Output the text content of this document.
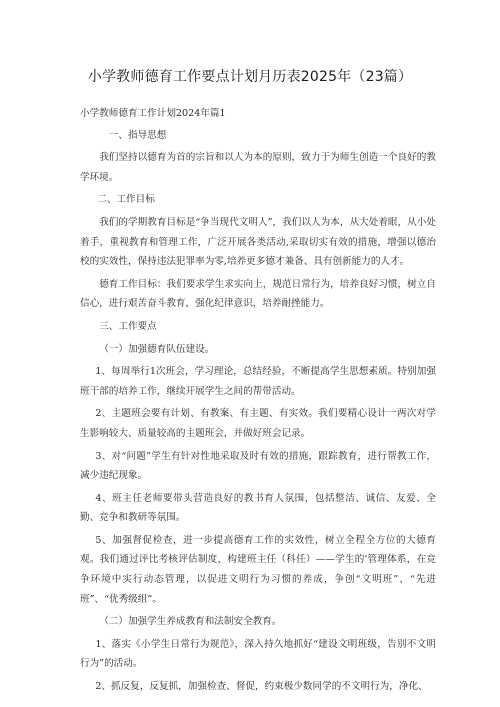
小学教师德育工作要点计划月历表2025年（23篇）

小学教师德育工作计划2024年篇1

一、指导思想

我们坚持以德育为首的宗旨和以人为本的原则，致力于为师生创造一个良好的教学环境。

二、工作目标

我们的学期教育目标是“争当现代文明人”，我们以人为本，从大处着眼，从小处着手，重视教育和管理工作，广泛开展各类活动,采取切实有效的措施，增强以德治校的实效性，保持违法犯罪率为零,培养更多德才兼备、具有创新能力的人才。

德育工作目标：我们要求学生求实向上，规范日常行为，培养良好习惯，树立自信心，进行艰苦奋斗教育，强化纪律意识，培养耐挫能力。

三、工作要点

（一）加强德育队伍建设。

1、每周举行1次班会，学习理论，总结经验，不断提高学生思想素质。特别加强班干部的培养工作，继续开展学生之间的帮带活动。

2、主题班会要有计划、有教案、有主题、有实效。我们要精心设计一两次对学生影响较大、质量较高的主题班会，并做好班会记录。

3、对“问题”学生有针对性地采取及时有效的措施，跟踪教育，进行帮教工作，减少违纪现象。

4、班主任老师要带头营造良好的教书育人氛围，包括整洁、诚信、友爱、全勤、竞争和教研等氛围。

5、加强督促检查，进一步提高德育工作的实效性，树立全程全方位的大德育观。我们通过评比考核评估制度，构建班主任（科任）——学生的'管理体系，在竞争环境中实行动态管理，以促进文明行为习惯的养成，争创“文明班”、“先进班”、“优秀级组”。

（二）加强学生养成教育和法制安全教育。

1、落实《小学生日常行为规范》，深入持久地抓好“建设文明班级，告别不文明行为”的活动。

2、抓反复，反复抓，加强检查、督促，约束极少数同学的不文明行为，净化、
